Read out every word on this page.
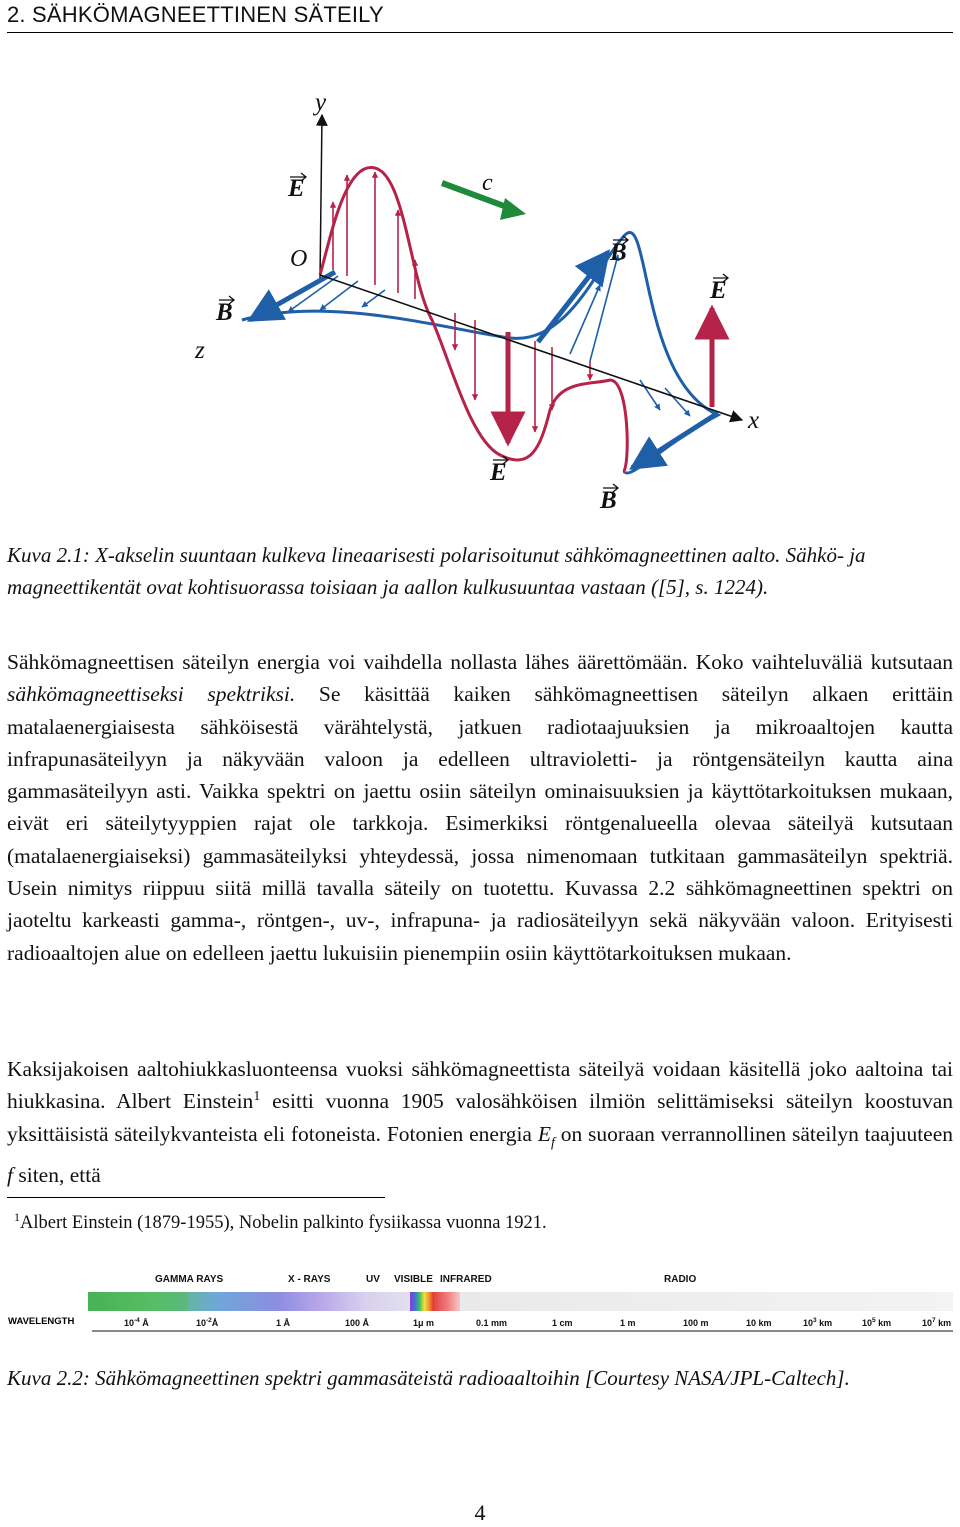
2. SÄHKÖMAGNEETTINEN SÄTEILY
y
z
x
O
c
E
B
B
E
E
B
Kuva 2.1: X-akselin suuntaan kulkeva lineaarisesti polarisoitunut sähkömagneettinen aalto. Sähkö- ja magneettikentät ovat kohtisuorassa toisiaan ja aallon kulkusuuntaa vastaan ([5], s. 1224).
Sähkömagneettisen säteilyn energia voi vaihdella nollasta lähes äärettömään. Koko vaihteluväliä kutsutaan sähkömagneettiseksi spektriksi. Se käsittää kaiken sähkömagneettisen säteilyn alkaen erittäin matalaenergiaisesta sähköisestä värähtelystä, jatkuen radiotaajuuksien ja mikroaaltojen kautta infrapunasäteilyyn ja näkyvään valoon ja edelleen ultravioletti- ja röntgensäteilyn kautta aina gammasäteilyyn asti. Vaikka spektri on jaettu osiin säteilyn ominaisuuksien ja käyttötarkoituksen mukaan, eivät eri säteilytyyppien rajat ole tarkkoja. Esimerkiksi röntgenalueella olevaa säteilyä kutsutaan (matalaenergiaiseksi) gammasäteilyksi yhteydessä, jossa nimenomaan tutkitaan gammasäteilyn spektriä. Usein nimitys riippuu siitä millä tavalla säteily on tuotettu. Kuvassa 2.2 sähkömagneettinen spektri on jaoteltu karkeasti gamma-, röntgen-, uv-, infrapuna- ja radiosäteilyyn sekä näkyvään valoon. Erityisesti radioaaltojen alue on edelleen jaettu lukuisiin pienempiin osiin käyttötarkoituksen mukaan.
Kaksijakoisen aaltohiukkasluonteensa vuoksi sähkömagneettista säteilyä voidaan käsitellä joko aaltoina tai hiukkasina. Albert Einstein$^1$ esitti vuonna 1905 valosähköisen ilmiön selittämiseksi säteilyn koostuvan yksittäisistä säteilykvanteista eli fotoneista. Fotonien energia $E_f$ on suoraan verrannollinen säteilyn taajuuteen f siten, että
$^1$Albert Einstein (1879-1955), Nobelin palkinto fysiikassa vuonna 1921.
GAMMA RAYS	X - RAYS	UV VISIBLE INFRARED	RADIO
WAVELENGTH	$10^{-4}$ Å	$10^{-2}Å$	1 Å	100 Å	1μ m	0.1 mm	1 cm	1 m	100 m	10 km	$10^3$ km	$10^5$ km	$10^7$ km
Kuva 2.2: Sähkömagneettinen spektri gammasäteistä radioaaltoihin [Courtesy NASA/JPL-Caltech].
4
